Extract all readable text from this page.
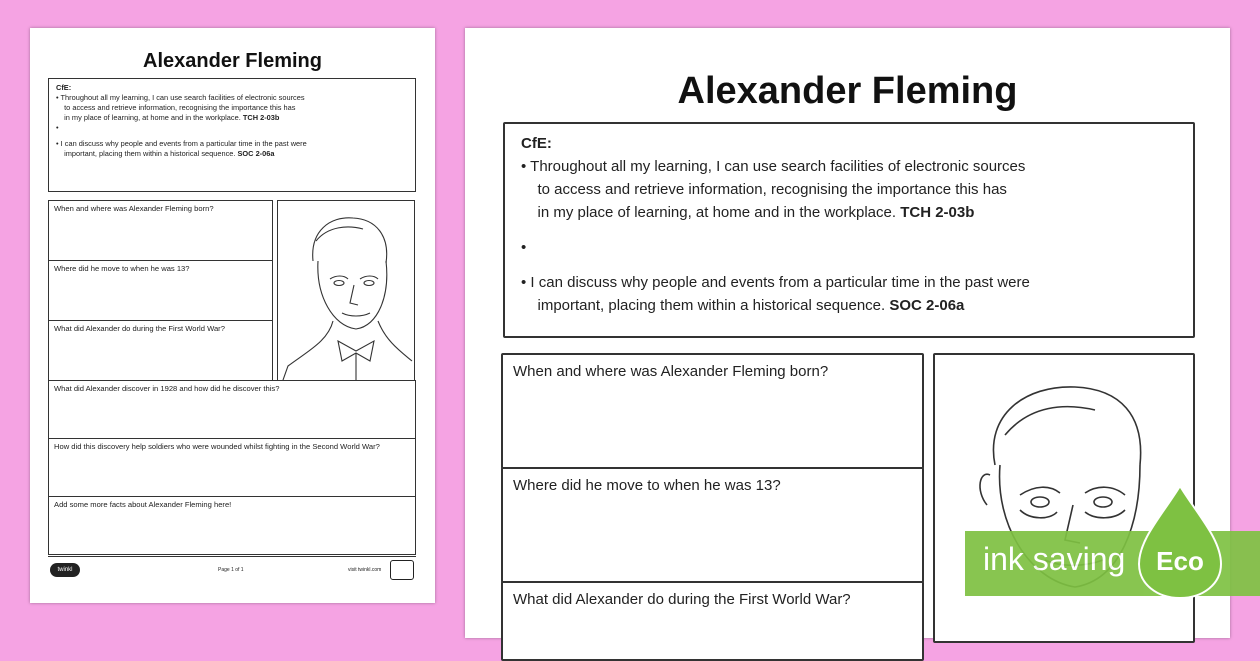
Alexander Fleming
CfE:
• Throughout all my learning, I can use search facilities of electronic sources
to access and retrieve information, recognising the importance this has
in my place of learning, at home and in the workplace. TCH 2-03b
•
• I can discuss why people and events from a particular time in the past were
important, placing them within a historical sequence. SOC 2-06a
When and where was Alexander Fleming born?
Where did he move to when he was 13?
What did Alexander do during the First World War?
What did Alexander discover in 1928 and how did he discover this?
How did this discovery help soldiers who were wounded whilst fighting in the Second World War?
Add some more facts about Alexander Fleming here!
twinkl	Page 1 of 1	visit twinkl.com
Alexander Fleming
CfE:
• Throughout all my learning, I can use search facilities of electronic sources
to access and retrieve information, recognising the importance this has
in my place of learning, at home and in the workplace. TCH 2-03b
•
• I can discuss why people and events from a particular time in the past were
important, placing them within a historical sequence. SOC 2-06a
When and where was Alexander Fleming born?
Where did he move to when he was 13?
What did Alexander do during the First World War?
ink saving Eco
